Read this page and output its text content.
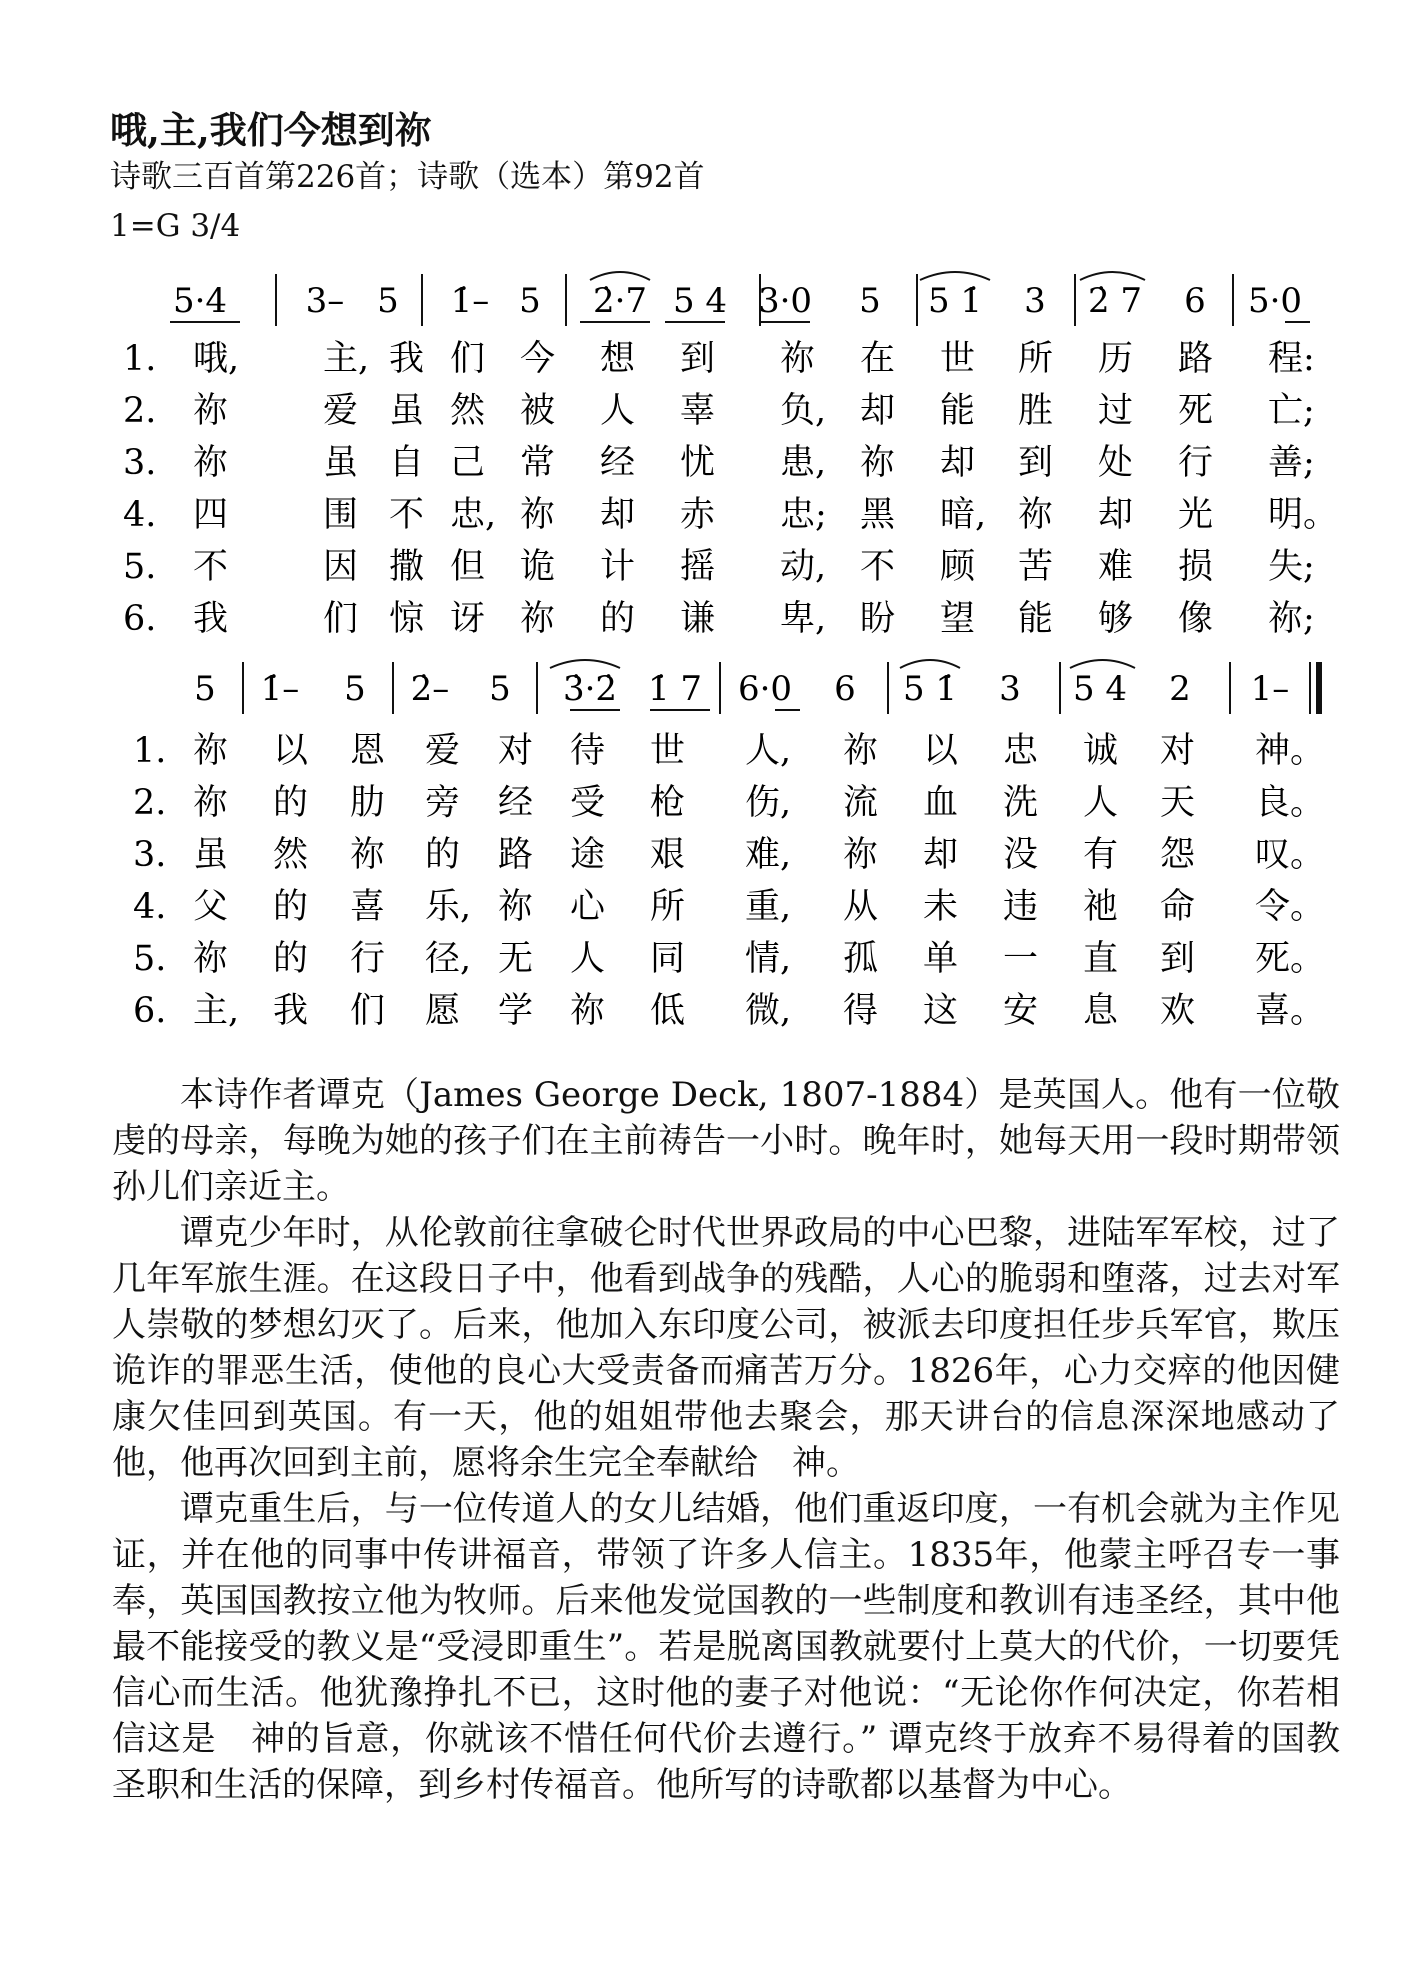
哦,主,我们今想到祢
诗歌三百首第226首；诗歌（选本）第92首
1=G 3/4
5·4 3– 5 1̇– 5 2̇·7 5 4 3·0 5 5 1̇ 3 2̇ 7 6 5·0
1. 哦, 主, 我 们 今 想 到 祢 在 世 所 历 路 程:
2. 祢	爱 虽 然 被 人 辜 负, 却 能 胜 过 死 亡;
3. 祢	虽 自 己 常 经 忧 患, 祢 却 到 处 行 善;
4. 四	围 不 忠, 祢 却 赤 忠; 黑 暗, 祢 却 光 明。
5. 不	因 撒 但 诡 计 摇 动, 不 顾 苦 难 损 失;
6. 我	们 惊 讶 祢 的 谦 卑, 盼 望 能 够 像 祢;
5 1̇– 5 2̇– 5 3̇·2̇ 1̇ 7 6·0 6 5 1̇ 3 5 4 2 1–
1. 祢 以 恩 爱 对 待 世 人, 祢 以 忠 诚 对 神。
2. 祢 的 肋 旁 经 受 枪 伤, 流 血 洗 人 天 良。
3. 虽 然 祢 的 路 途 艰 难, 祢 却 没 有 怨 叹。
4. 父 的 喜 乐, 祢 心 所 重, 从 未 违 祂 命 令。
5. 祢 的 行 径, 无 人 同 情, 孤 单 一 直 到 死。
6. 主, 我 们 愿 学 祢 低 微, 得 这 安 息 欢 喜。

本诗作者谭克（James George Deck, 1807-1884）是英国人。他有一位敬虔的母亲，每晚为她的孩子们在主前祷告一小时。晚年时，她每天用一段时期带领孙儿们亲近主。

谭克少年时，从伦敦前往拿破仑时代世界政局的中心巴黎，进陆军军校，过了几年军旅生涯。在这段日子中，他看到战争的残酷，人心的脆弱和堕落，过去对军人崇敬的梦想幻灭了。后来，他加入东印度公司，被派去印度担任步兵军官，欺压诡诈的罪恶生活，使他的良心大受责备而痛苦万分。1826年，心力交瘁的他因健康欠佳回到英国。有一天，他的姐姐带他去聚会，那天讲台的信息深深地感动了他，他再次回到主前，愿将余生完全奉献给　神。

谭克重生后，与一位传道人的女儿结婚，他们重返印度，一有机会就为主作见证，并在他的同事中传讲福音，带领了许多人信主。1835年，他蒙主呼召专一事奉，英国国教按立他为牧师。后来他发觉国教的一些制度和教训有违圣经，其中他最不能接受的教义是“受浸即重生”。若是脱离国教就要付上莫大的代价，一切要凭信心而生活。他犹豫挣扎不已，这时他的妻子对他说：“无论你作何决定，你若相信这是　神的旨意，你就该不惜任何代价去遵行。” 谭克终于放弃不易得着的国教圣职和生活的保障，到乡村传福音。他所写的诗歌都以基督为中心。
